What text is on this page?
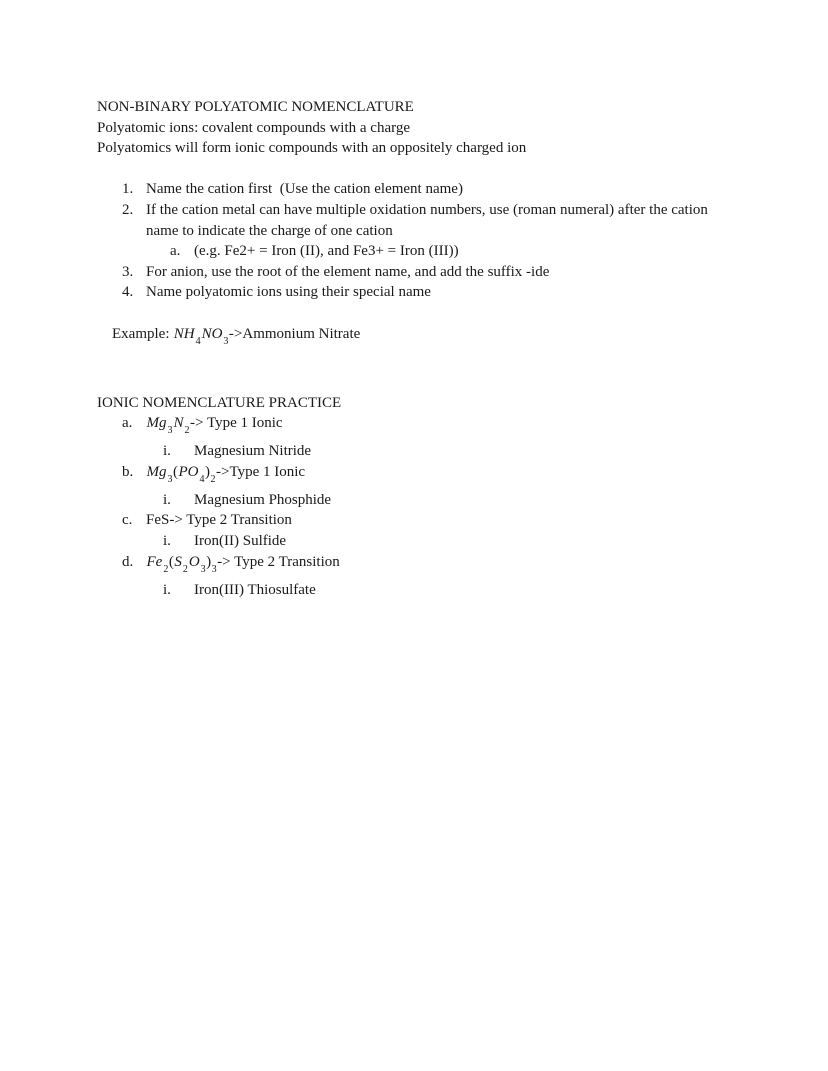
NON-BINARY POLYATOMIC NOMENCLATURE
Polyatomic ions: covalent compounds with a charge
Polyatomics will form ionic compounds with an oppositely charged ion
1. Name the cation first  (Use the cation element name)
2. If the cation metal can have multiple oxidation numbers, use (roman numeral) after the cation name to indicate the charge of one cation
a. (e.g. Fe2+ = Iron (II), and Fe3+ = Iron (III))
3. For anion, use the root of the element name, and add the suffix -ide
4. Name polyatomic ions using their special name

Example: $NH_4NO_3->Ammonium$ Nitrate

IONIC NOMENCLATURE PRACTICE
a. $Mg_3N_2->$ Type 1 Ionic
i.	Magnesium Nitride
b. $Mg_3(PO_4)_2->Type$ 1 Ionic
i.	Magnesium Phosphide
c. FeS-> Type 2 Transition
i.	Iron(II) Sulfide
d. $Fe_2(S_2O_3)_3->$ Type 2 Transition
i.	Iron(III) Thiosulfate
